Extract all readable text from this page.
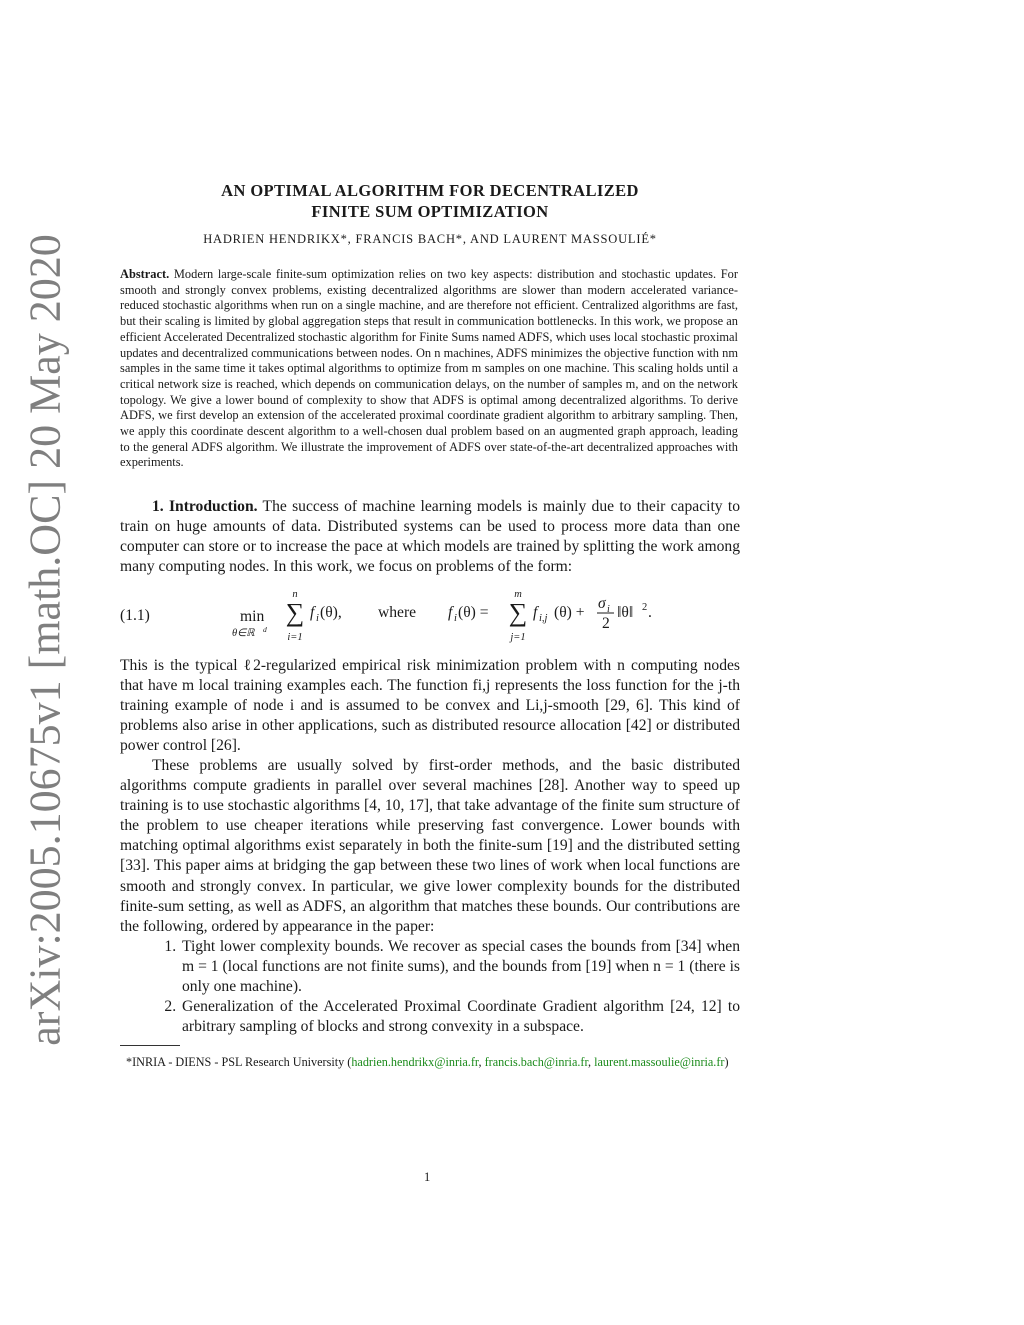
arXiv:2005.10675v1 [math.OC] 20 May 2020
AN OPTIMAL ALGORITHM FOR DECENTRALIZED
FINITE SUM OPTIMIZATION
HADRIEN HENDRIKX*, FRANCIS BACH*, AND LAURENT MASSOULIÉ*
Abstract. Modern large-scale finite-sum optimization relies on two key aspects: distribution and stochastic updates. For smooth and strongly convex problems, existing decentralized algorithms are slower than modern accelerated variance-reduced stochastic algorithms when run on a single machine, and are therefore not efficient. Centralized algorithms are fast, but their scaling is limited by global aggregation steps that result in communication bottlenecks. In this work, we propose an efficient Accelerated Decentralized stochastic algorithm for Finite Sums named ADFS, which uses local stochastic proximal updates and decentralized communications between nodes. On n machines, ADFS minimizes the objective function with nm samples in the same time it takes optimal algorithms to optimize from m samples on one machine. This scaling holds until a critical network size is reached, which depends on communication delays, on the number of samples m, and on the network topology. We give a lower bound of complexity to show that ADFS is optimal among decentralized algorithms. To derive ADFS, we first develop an extension of the accelerated proximal coordinate gradient algorithm to arbitrary sampling. Then, we apply this coordinate descent algorithm to a well-chosen dual problem based on an augmented graph approach, leading to the general ADFS algorithm. We illustrate the improvement of ADFS over state-of-the-art decentralized approaches with experiments.

1. Introduction. The success of machine learning models is mainly due to their capacity to train on huge amounts of data. Distributed systems can be used to process more data than one computer can store or to increase the pace at which models are trained by splitting the work among many computing nodes. In this work, we focus on problems of the form:

(1.1)	min
θ∈ℝ d
n
∑
i=1
f i (θ), where f i (θ) =
m
∑
j=1
f i,j (θ) +
σ i
2
‖θ‖ 2 .

This is the typical ℓ2-regularized empirical risk minimization problem with n computing nodes that have m local training examples each. The function fi,j represents the loss function for the j-th training example of node i and is assumed to be convex and Li,j-smooth [29, 6]. This kind of problems also arise in other applications, such as distributed resource allocation [42] or distributed power control [26].

These problems are usually solved by first-order methods, and the basic distributed algorithms compute gradients in parallel over several machines [28]. Another way to speed up training is to use stochastic algorithms [4, 10, 17], that take advantage of the finite sum structure of the problem to use cheaper iterations while preserving fast convergence. Lower bounds with matching optimal algorithms exist separately in both the finite-sum [19] and the distributed setting [33]. This paper aims at bridging the gap between these two lines of work when local functions are smooth and strongly convex. In particular, we give lower complexity bounds for the distributed finite-sum setting, as well as ADFS, an algorithm that matches these bounds. Our contributions are the following, ordered by appearance in the paper:

1. Tight lower complexity bounds. We recover as special cases the bounds from [34] when m = 1 (local functions are not finite sums), and the bounds from [19] when n = 1 (there is only one machine).
2. Generalization of the Accelerated Proximal Coordinate Gradient algorithm [24, 12] to arbitrary sampling of blocks and strong convexity in a subspace.
*INRIA - DIENS - PSL Research University (hadrien.hendrikx@inria.fr, francis.bach@inria.fr, laurent.massoulie@inria.fr)
1
